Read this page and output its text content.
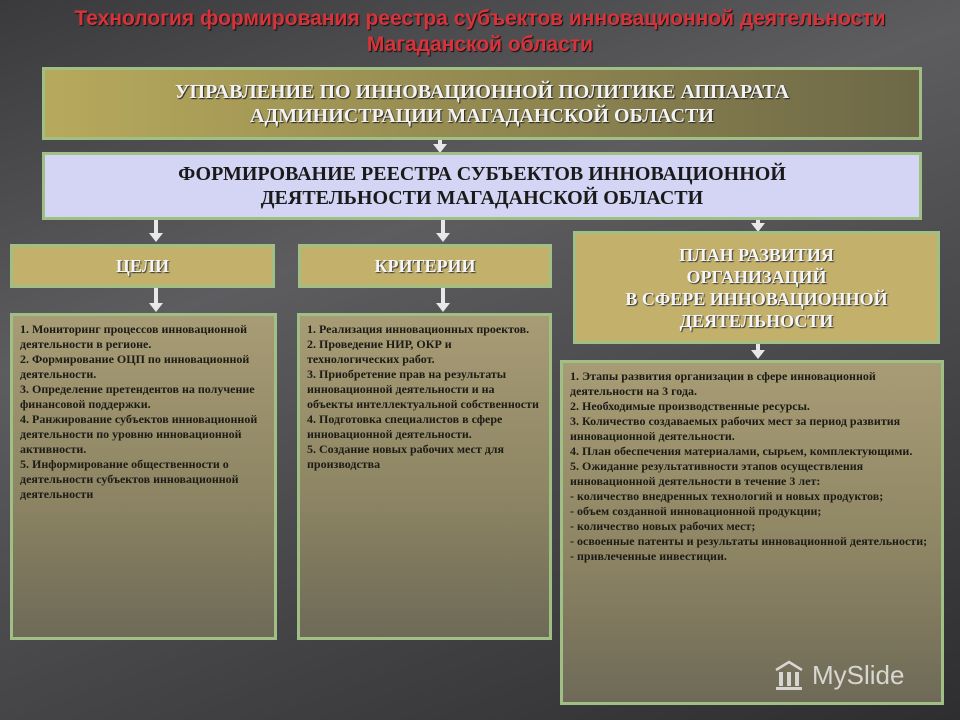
Технология формирования реестра субъектов инновационной деятельности
Магаданской области
УПРАВЛЕНИЕ ПО ИННОВАЦИОННОЙ ПОЛИТИКЕ АППАРАТА
АДМИНИСТРАЦИИ МАГАДАНСКОЙ ОБЛАСТИ
ФОРМИРОВАНИЕ РЕЕСТРА СУБЪЕКТОВ ИННОВАЦИОННОЙ
ДЕЯТЕЛЬНОСТИ МАГАДАНСКОЙ ОБЛАСТИ
ЦЕЛИ	КРИТЕРИИ
ПЛАН РАЗВИТИЯ
ОРГАНИЗАЦИЙ
В СФЕРЕ ИННОВАЦИОННОЙ
ДЕЯТЕЛЬНОСТИ
1. Мониторинг процессов инновационной деятельности в регионе.
2. Формирование ОЦП по инновационной деятельности.
3. Определение претендентов на получение финансовой поддержки.
4. Ранжирование субъектов инновационной деятельности по уровню инновационной активности.
5. Информирование общественности о деятельности субъектов инновационной деятельности
1. Реализация инновационных проектов.
2. Проведение НИР, ОКР и технологических работ.
3. Приобретение прав на результаты инновационной деятельности и на объекты интеллектуальной собственности
4. Подготовка специалистов в сфере инновационной деятельности.
5. Создание новых рабочих мест для производства
1. Этапы развития организации в сфере инновационной деятельности на 3 года.
2. Необходимые производственные ресурсы.
3. Количество создаваемых рабочих мест за период развития инновационной деятельности.
4. План обеспечения материалами, сырьем, комплектующими.
5. Ожидание результативности этапов осуществления инновационной деятельности в течение 3 лет:
- количество внедренных технологий и новых продуктов;
- объем созданной инновационной продукции;
- количество новых рабочих мест;
- освоенные патенты и результаты инновационной деятельности;
- привлеченные инвестиции.
MySlide
